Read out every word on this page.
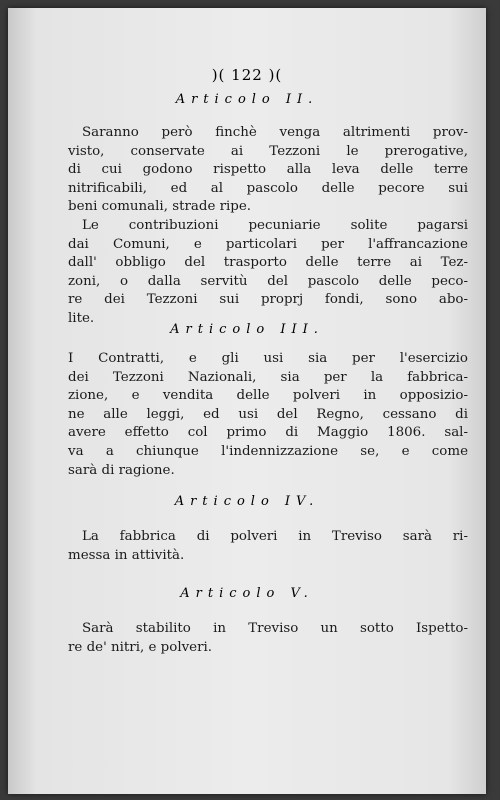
)( 122 )(
Articolo II.
Saranno però finchè venga altrimenti prov-
visto, conservate ai Tezzoni le prerogative,
di cui godono rispetto alla leva delle terre
nitrificabili, ed al pascolo delle pecore sui
beni comunali, strade ripe.
Le contribuzioni pecuniarie solite pagarsi
dai Comuni, e particolari per l'affrancazione
dall' obbligo del trasporto delle terre ai Tez-
zoni, o dalla servitù del pascolo delle peco-
re dei Tezzoni sui proprj fondi, sono abo-
lite.
Articolo III.
I Contratti, e gli usi sia per l'esercizio
dei Tezzoni Nazionali, sia per la fabbrica-
zione, e vendita delle polveri in opposizio-
ne alle leggi, ed usi del Regno, cessano di
avere effetto col primo di Maggio 1806. sal-
va a chiunque l'indennizzazione se, e come
sarà di ragione.
Articolo IV.
La fabbrica di polveri in Treviso sarà ri-
messa in attività.
Articolo V.
Sarà stabilito in Treviso un sotto Ispetto-
re de' nitri, e polveri.
